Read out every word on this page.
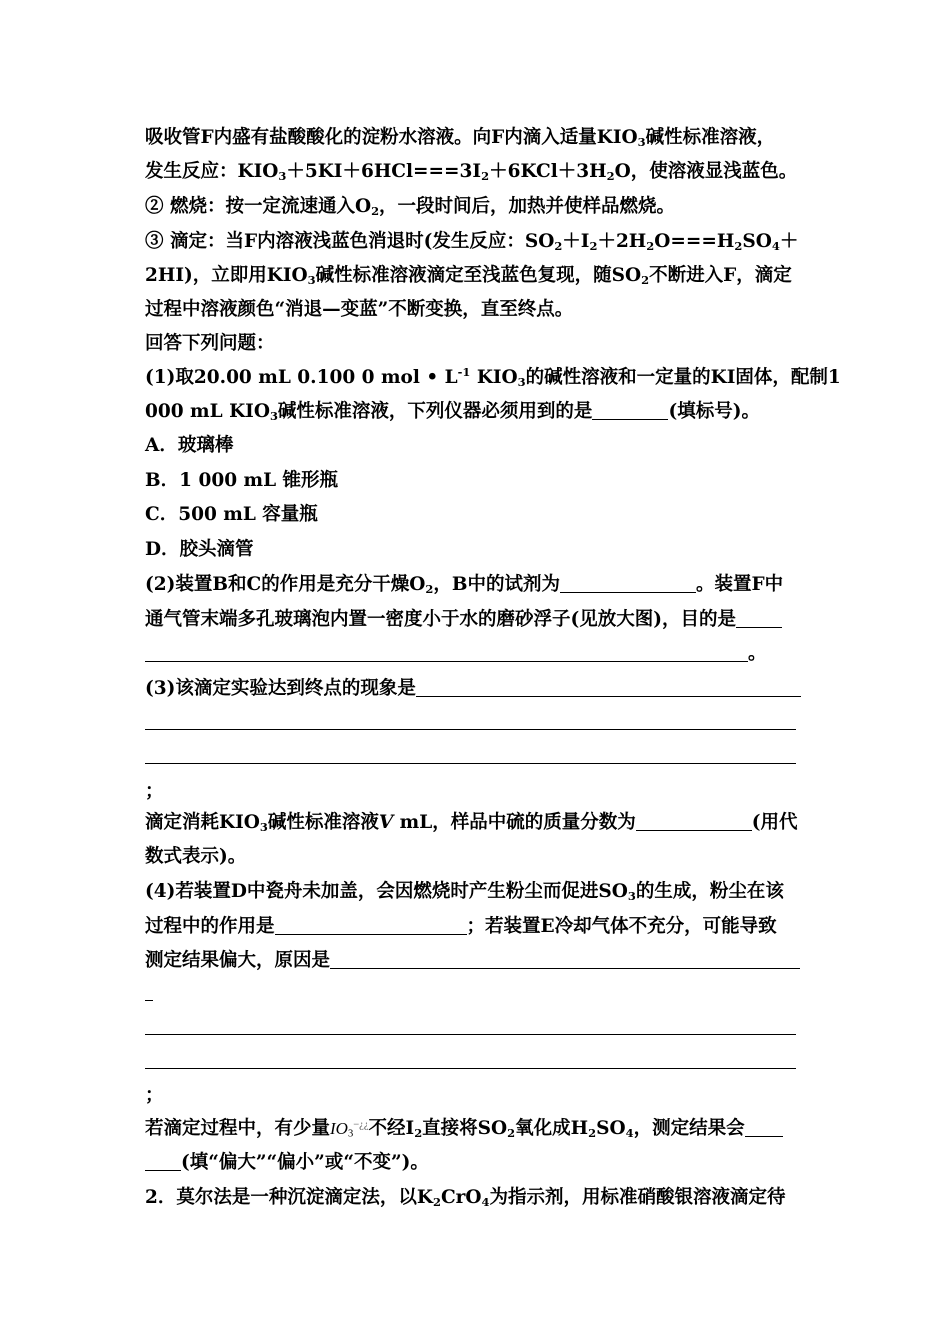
吸收管F内盛有盐酸酸化的淀粉水溶液。向F内滴入适量$KIO_3$碱性标准溶液，
发生反应：$KIO_3+5KI+6HCl===3I_2+6KCl+3H_2O$，使溶液显浅蓝色。
② 燃烧：按一定流速通入$O_2$，一段时间后，加热并使样品燃烧。
③ 滴定：当F内溶液浅蓝色消退时(发生反应：$SO_2+I_2+2H_2O===H_2SO_4+$
2HI)，立即用$KIO_3$碱性标准溶液滴定至浅蓝色复现，随$SO_2$不断进入F，滴定
过程中溶液颜色“消退—变蓝”不断变换，直至终点。
回答下列问题：
(1)取20.00 mL 0.100 0 mol • $L^{-1}$ $KIO_3$的碱性溶液和一定量的KI固体，配制1
000 mL $KIO_3$碱性标准溶液，下列仪器必须用到的是	(填标号)。
A．玻璃棒
B．1 000 mL 锥形瓶
C．500 mL 容量瓶
D．胶头滴管
(2)装置B和C的作用是充分干燥$O_2$，B中的试剂为	。装置F中
通气管末端多孔玻璃泡内置一密度小于水的磨砂浮子(见放大图)，目的是
。
(3)该滴定实验达到终点的现象是
；
滴定消耗$KIO_3$碱性标准溶液V mL，样品中硫的质量分数为	(用代
数式表示)。
(4)若装置D中瓷舟未加盖，会因燃烧时产生粉尘而促进$SO_3$的生成，粉尘在该
过程中的作用是	；若装置E冷却气体不充分，可能导致
测定结果偏大，原因是
；
若滴定过程中，有少量$IO_3^{-¿¿}$不经$I_2$直接将$SO_2$氧化成$H_2SO_4$，测定结果会
(填“偏大”“偏小”或“不变”)。
2．莫尔法是一种沉淀滴定法，以$K_2CrO_4$为指示剂，用标准硝酸银溶液滴定待
